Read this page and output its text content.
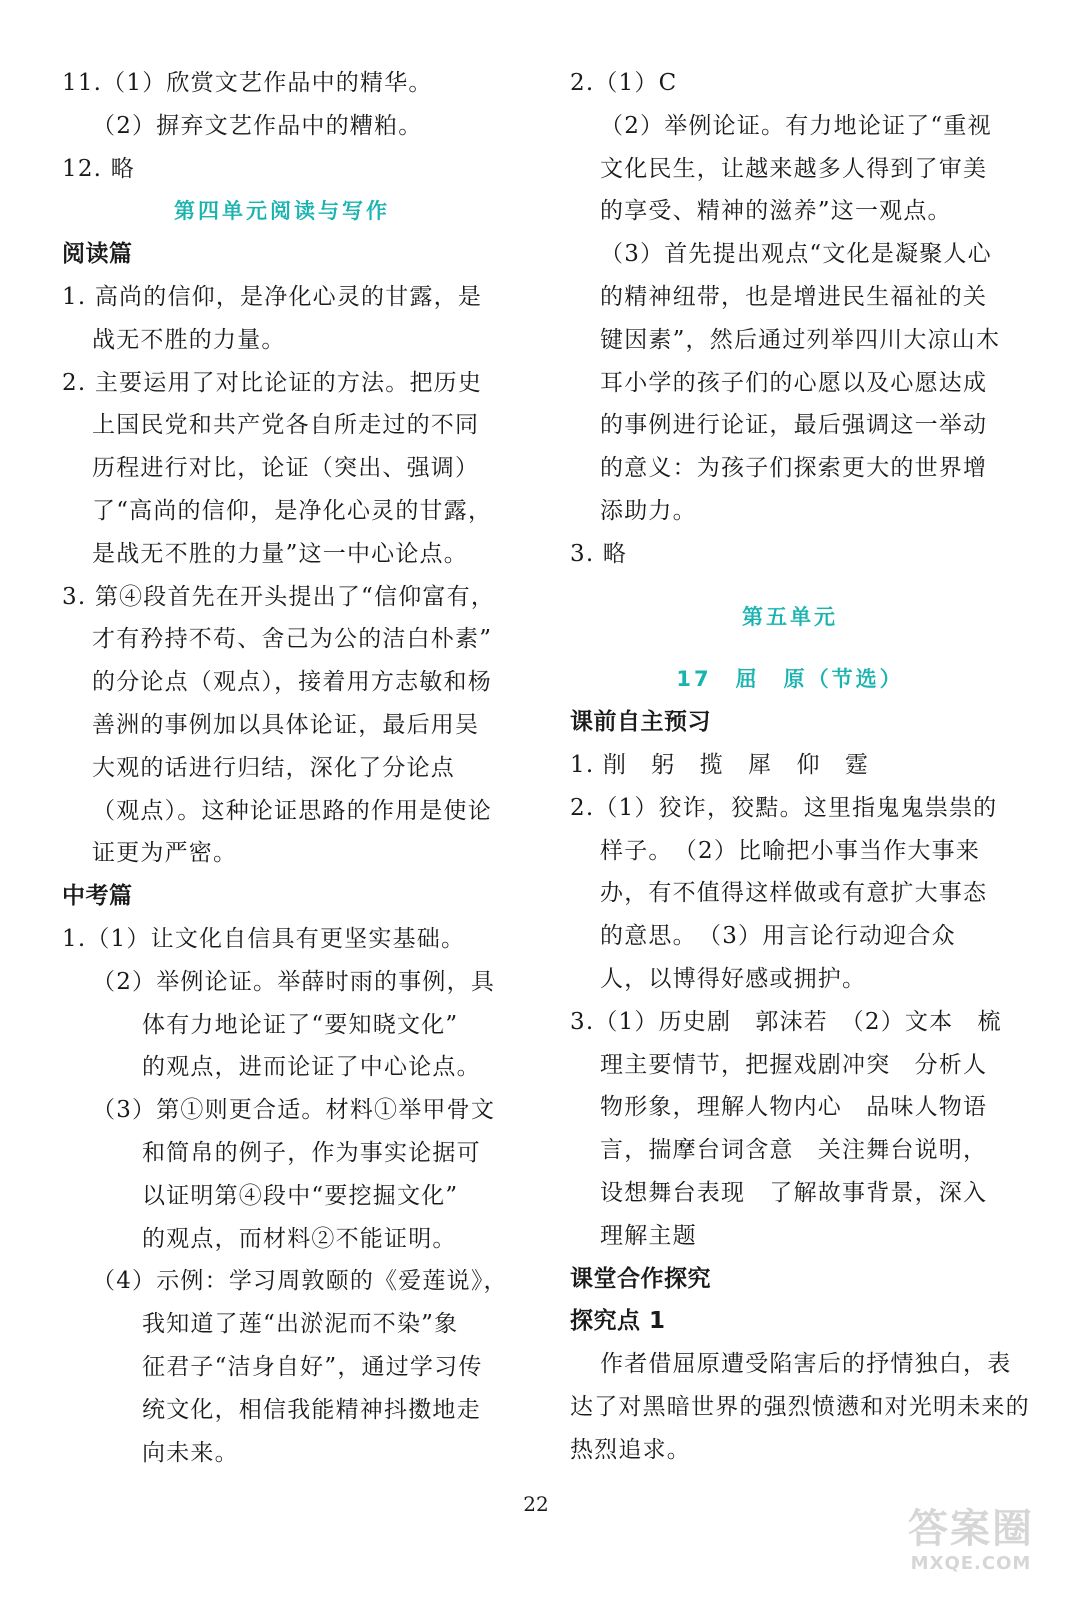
11.（1）欣赏文艺作品中的精华。
（2）摒弃文艺作品中的糟粕。
12. 略
第四单元阅读与写作
阅读篇
1. 高尚的信仰，是净化心灵的甘露，是
战无不胜的力量。
2. 主要运用了对比论证的方法。把历史
上国民党和共产党各自所走过的不同
历程进行对比，论证（突出、强调）
了“高尚的信仰，是净化心灵的甘露，
是战无不胜的力量”这一中心论点。
3. 第④段首先在开头提出了“信仰富有，
才有矜持不苟、舍己为公的洁白朴素”
的分论点（观点），接着用方志敏和杨
善洲的事例加以具体论证，最后用吴
大观的话进行归结，深化了分论点
（观点）。这种论证思路的作用是使论
证更为严密。
中考篇
1.（1）让文化自信具有更坚实基础。
（2）举例论证。举薛时雨的事例，具
体有力地论证了“要知晓文化”
的观点，进而论证了中心论点。
（3）第①则更合适。材料①举甲骨文
和简帛的例子，作为事实论据可
以证明第④段中“要挖掘文化”
的观点，而材料②不能证明。
（4）示例：学习周敦颐的《爱莲说》，
我知道了莲“出淤泥而不染”象
征君子“洁身自好”，通过学习传
统文化，相信我能精神抖擞地走
向未来。
2.（1）C
（2）举例论证。有力地论证了“重视
文化民生，让越来越多人得到了审美
的享受、精神的滋养”这一观点。
（3）首先提出观点“文化是凝聚人心
的精神纽带，也是增进民生福祉的关
键因素”，然后通过列举四川大凉山木
耳小学的孩子们的心愿以及心愿达成
的事例进行论证，最后强调这一举动
的意义：为孩子们探索更大的世界增
添助力。
3. 略
第五单元
17　屈　原（节选）
课前自主预习
1. 削　躬　揽　犀　仰　霆
2.（1）狡诈，狡黠。这里指鬼鬼祟祟的
样子。　（2）比喻把小事当作大事来
办，有不值得这样做或有意扩大事态
的意思。　（3）用言论行动迎合众
人，以博得好感或拥护。
3.（1）历史剧　郭沫若　（2）文本　梳
理主要情节，把握戏剧冲突　分析人
物形象，理解人物内心　品味人物语
言，揣摩台词含意　关注舞台说明，
设想舞台表现　了解故事背景，深入
理解主题
课堂合作探究
探究点 1
作者借屈原遭受陷害后的抒情独白，表
达了对黑暗世界的强烈愤懑和对光明未来的
热烈追求。
22
答案圈
MXQE.COM
